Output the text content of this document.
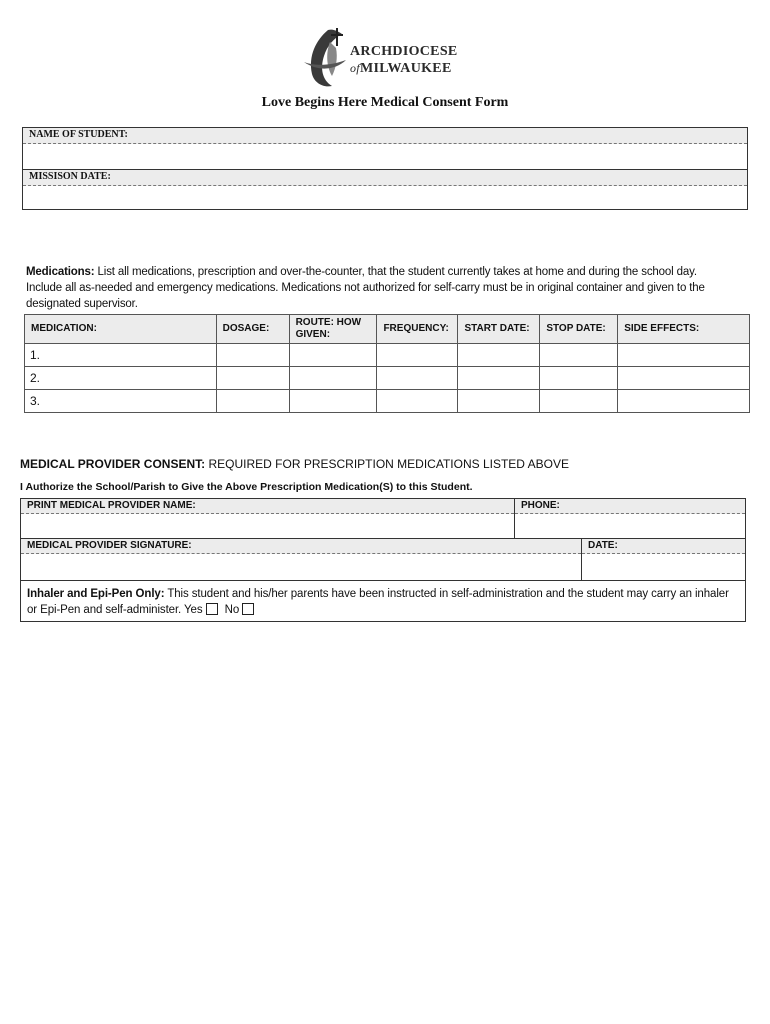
ARCHDIOCESE
ofMILWAUKEE
Love Begins Here Medical Consent Form
NAME OF STUDENT:
MISSISON DATE:
Medications: List all medications, prescription and over-the-counter, that the student currently takes at home and during the school day. Include all as-needed and emergency medications. Medications not authorized for self-carry must be in original container and given to the designated supervisor.
MEDICATION:	DOSAGE:	ROUTE: HOW GIVEN:	FREQUENCY:	START DATE:	STOP DATE:	SIDE EFFECTS:
1.						
2.						
3.						
MEDICAL PROVIDER CONSENT: REQUIRED FOR PRESCRIPTION MEDICATIONS LISTED ABOVE
I Authorize the School/Parish to Give the Above Prescription Medication(S) to this Student.
PRINT MEDICAL PROVIDER NAME:	PHONE:
MEDICAL PROVIDER SIGNATURE:	DATE:
Inhaler and Epi-Pen Only: This student and his/her parents have been instructed in self-administration and the student may carry an inhaler or Epi-Pen and self-administer. Yes No
